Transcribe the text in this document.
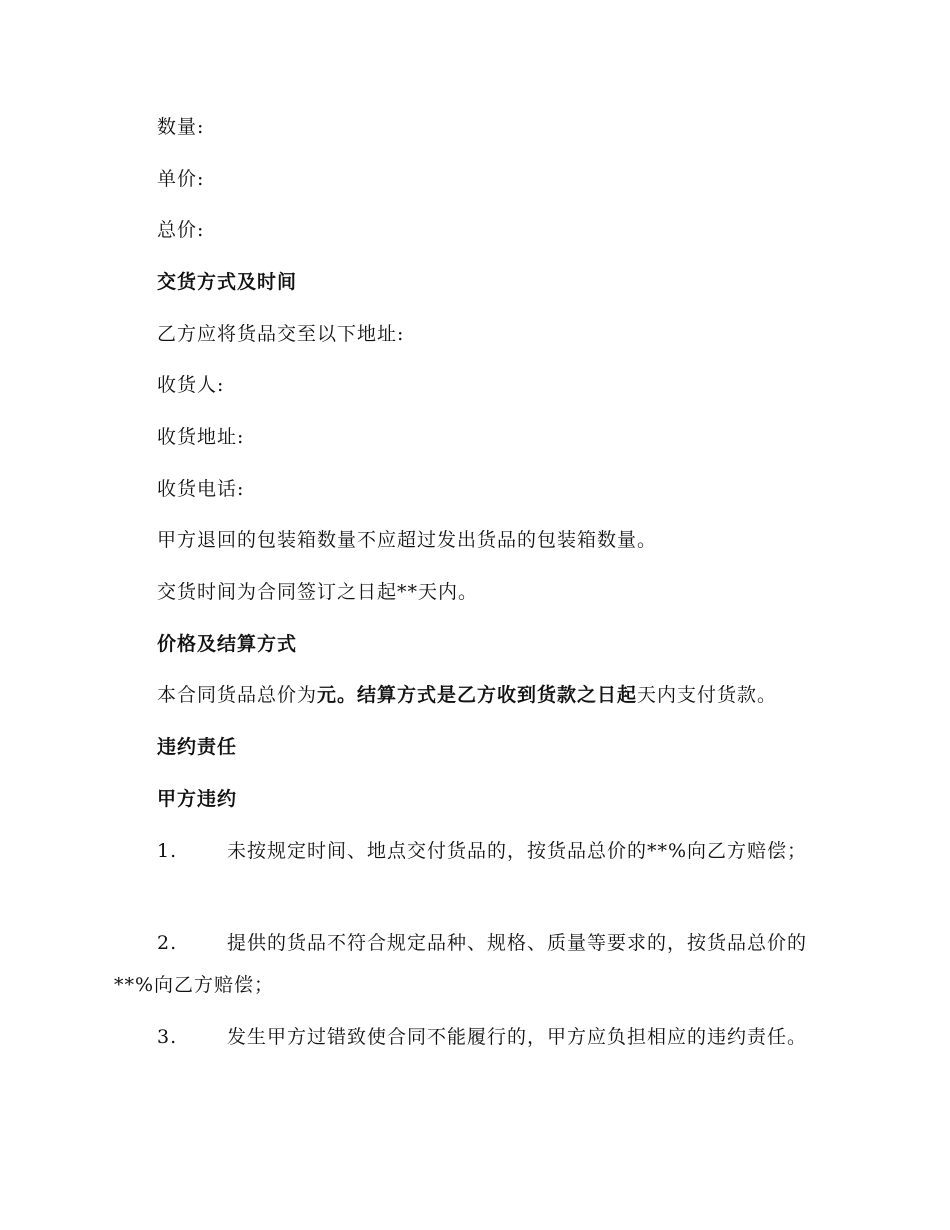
数量:
单价:
总价:
交货方式及时间
乙方应将货品交至以下地址:
收货人:
收货地址:
收货电话:
甲方退回的包装箱数量不应超过发出货品的包装箱数量。
交货时间为合同签订之日起**天内。
价格及结算方式
本合同货品总价为元。结算方式是乙方收到货款之日起天内支付货款。
违约责任
甲方违约
1.	未按规定时间、地点交付货品的，按货品总价的**%向乙方赔偿；
2.	提供的货品不符合规定品种、规格、质量等要求的，按货品总价的**%向乙方赔偿；
3.	发生甲方过错致使合同不能履行的，甲方应负担相应的违约责任。
